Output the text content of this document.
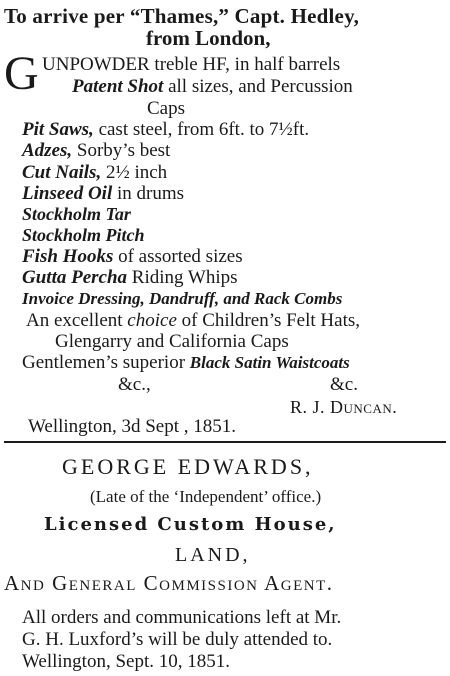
To arrive per “Thames,” Capt. Hedley,
from London,
G UNPOWDER treble HF, in half barrels
Patent Shot all sizes, and Percussion
Caps
Pit Saws, cast steel, from 6ft. to 7½ft.
Adzes, Sorby’s best
Cut Nails, 2½ inch
Linseed Oil in drums
Stockholm Tar
Stockholm Pitch
Fish Hooks of assorted sizes
Gutta Percha Riding Whips
Invoice Dressing, Dandruff, and Rack Combs
An excellent choice of Children’s Felt Hats,
Glengarry and California Caps
Gentlemen’s superior Black Satin Waistcoats
&c.,	&c.
R. J. Duncan.
Wellington, 3d Sept , 1851.
GEORGE EDWARDS,
(Late of the ‘Independent’ office.)
Licensed Custom House,
LAND,
And General Commission Agent.
All orders and communications left at Mr.
G. H. Luxford’s will be duly attended to.
Wellington, Sept. 10, 1851.
